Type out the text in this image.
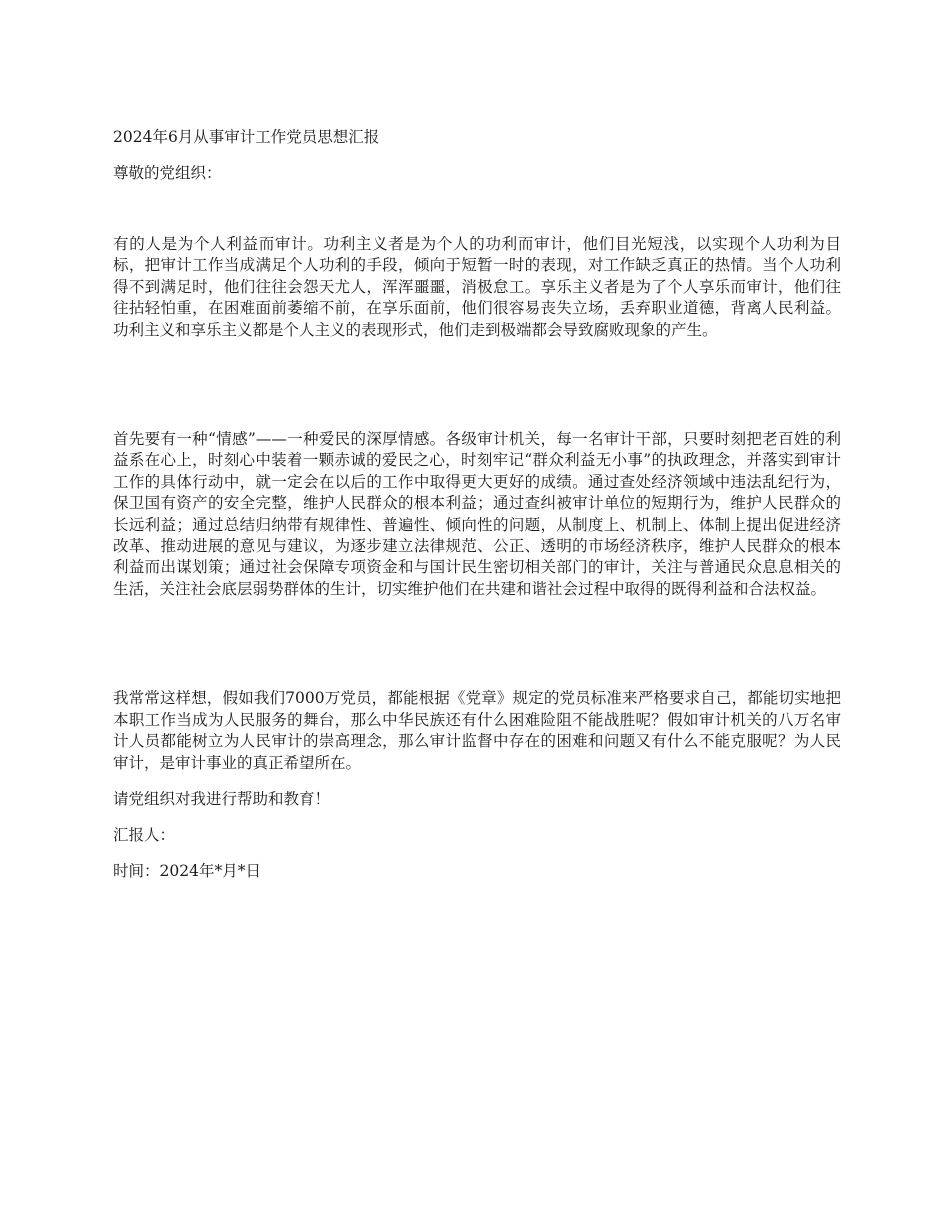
2024年6月从事审计工作党员思想汇报

尊敬的党组织：

有的人是为个人利益而审计。功利主义者是为个人的功利而审计，他们目光短浅，以实现个人功利为目标，把审计工作当成满足个人功利的手段，倾向于短暂一时的表现，对工作缺乏真正的热情。当个人功利得不到满足时，他们往往会怨天尤人，浑浑噩噩，消极怠工。享乐主义者是为了个人享乐而审计，他们往往拈轻怕重，在困难面前萎缩不前，在享乐面前，他们很容易丧失立场，丢弃职业道德，背离人民利益。功利主义和享乐主义都是个人主义的表现形式，他们走到极端都会导致腐败现象的产生。

首先要有一种“情感”——一种爱民的深厚情感。各级审计机关，每一名审计干部，只要时刻把老百姓的利益系在心上，时刻心中装着一颗赤诚的爱民之心，时刻牢记“群众利益无小事”的执政理念，并落实到审计工作的具体行动中，就一定会在以后的工作中取得更大更好的成绩。通过查处经济领域中违法乱纪行为，保卫国有资产的安全完整，维护人民群众的根本利益；通过查纠被审计单位的短期行为，维护人民群众的长远利益；通过总结归纳带有规律性、普遍性、倾向性的问题，从制度上、机制上、体制上提出促进经济改革、推动进展的意见与建议，为逐步建立法律规范、公正、透明的市场经济秩序，维护人民群众的根本利益而出谋划策；通过社会保障专项资金和与国计民生密切相关部门的审计，关注与普通民众息息相关的生活，关注社会底层弱势群体的生计，切实维护他们在共建和谐社会过程中取得的既得利益和合法权益。

我常常这样想，假如我们7000万党员，都能根据《党章》规定的党员标准来严格要求自己，都能切实地把本职工作当成为人民服务的舞台，那么中华民族还有什么困难险阻不能战胜呢？假如审计机关的八万名审计人员都能树立为人民审计的崇高理念，那么审计监督中存在的困难和问题又有什么不能克服呢？为人民审计，是审计事业的真正希望所在。

请党组织对我进行帮助和教育！

汇报人：

时间：2024年*月*日
